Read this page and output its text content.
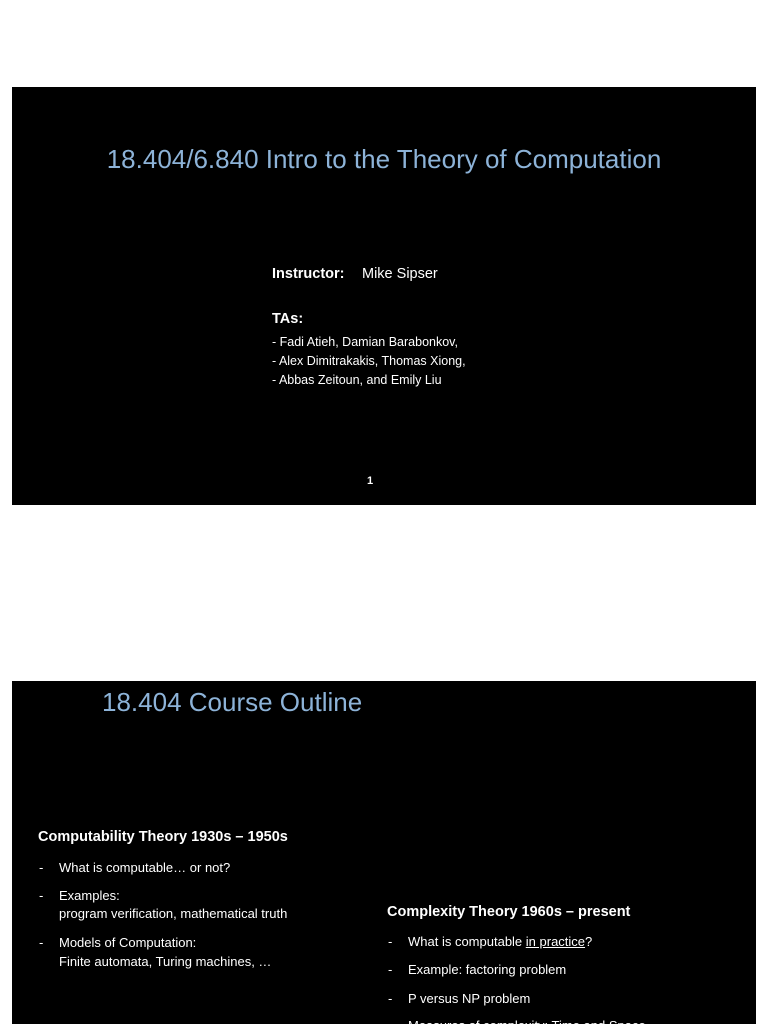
18.404/6.840 Intro to the Theory of Computation
Instructor: Mike Sipser
TAs:
- Fadi Atieh, Damian Barabonkov,
- Alex Dimitrakakis, Thomas Xiong,
- Abbas Zeitoun, and Emily Liu
1
18.404 Course Outline
Computability Theory 1930s – 1950s
- What is computable… or not?
- Examples:
program verification, mathematical truth
- Models of Computation:
Finite automata, Turing machines, …
Complexity Theory 1960s – present
- What is computable in practice?
- Example: factoring problem
- P versus NP problem
- Measures of complexity: Time and Space
